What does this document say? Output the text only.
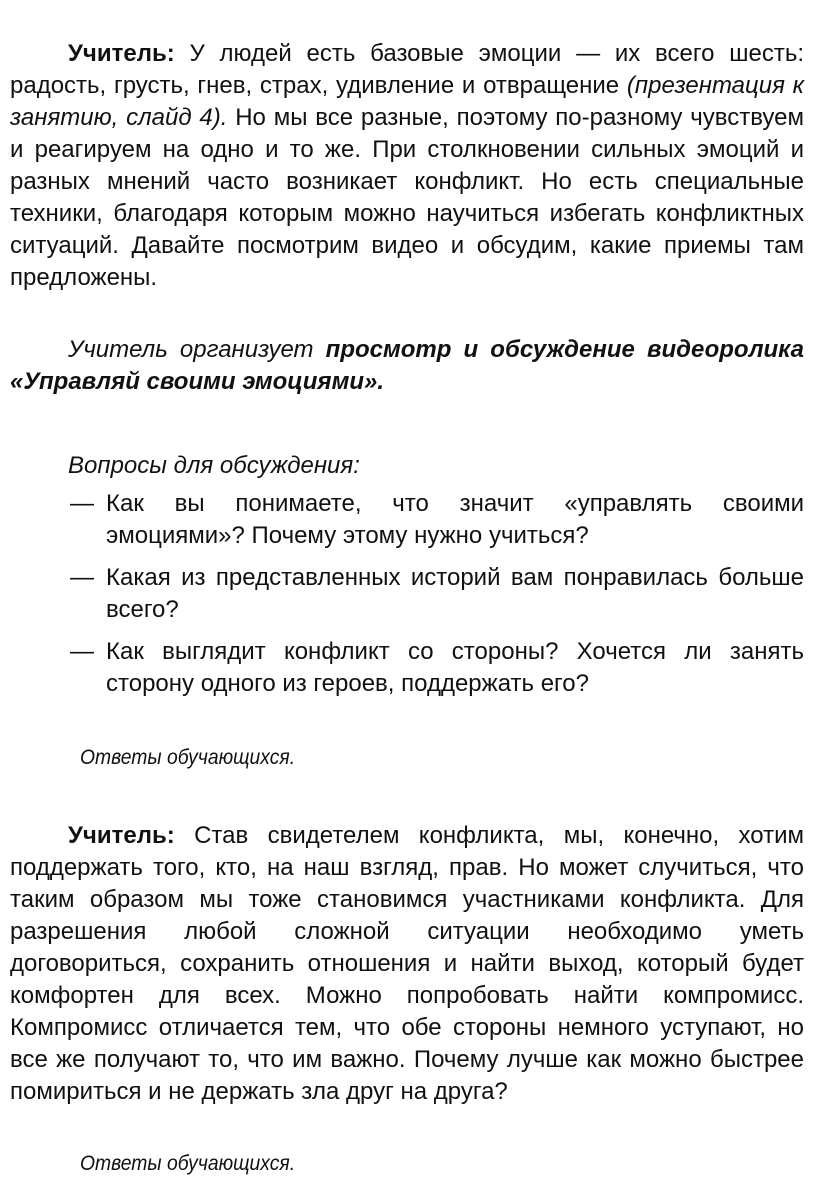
Учитель: У людей есть базовые эмоции — их всего шесть: радость, грусть, гнев, страх, удивление и отвращение (презентация к занятию, слайд 4). Но мы все разные, поэтому по-разному чувствуем и реагируем на одно и то же. При столкновении сильных эмоций и разных мнений часто возникает конфликт. Но есть специальные техники, благодаря которым можно научиться избегать конфликтных ситуаций. Давайте посмотрим видео и обсудим, какие приемы там предложены.

Учитель организует просмотр и обсуждение видеоролика «Управляй своими эмоциями».

Вопросы для обсуждения:

— Как вы понимаете, что значит «управлять своими эмоциями»? Почему этому нужно учиться?
— Какая из представленных историй вам понравилась больше всего?
— Как выглядит конфликт со стороны? Хочется ли занять сторону одного из героев, поддержать его?

Ответы обучающихся.

Учитель: Став свидетелем конфликта, мы, конечно, хотим поддержать того, кто, на наш взгляд, прав. Но может случиться, что таким образом мы тоже становимся участниками конфликта. Для разрешения любой сложной ситуации необходимо уметь договориться, сохранить отношения и найти выход, который будет комфортен для всех. Можно попробовать найти компромисс. Компромисс отличается тем, что обе стороны немного уступают, но все же получают то, что им важно. Почему лучше как можно быстрее помириться и не держать зла друг на друга?

Ответы обучающихся.
